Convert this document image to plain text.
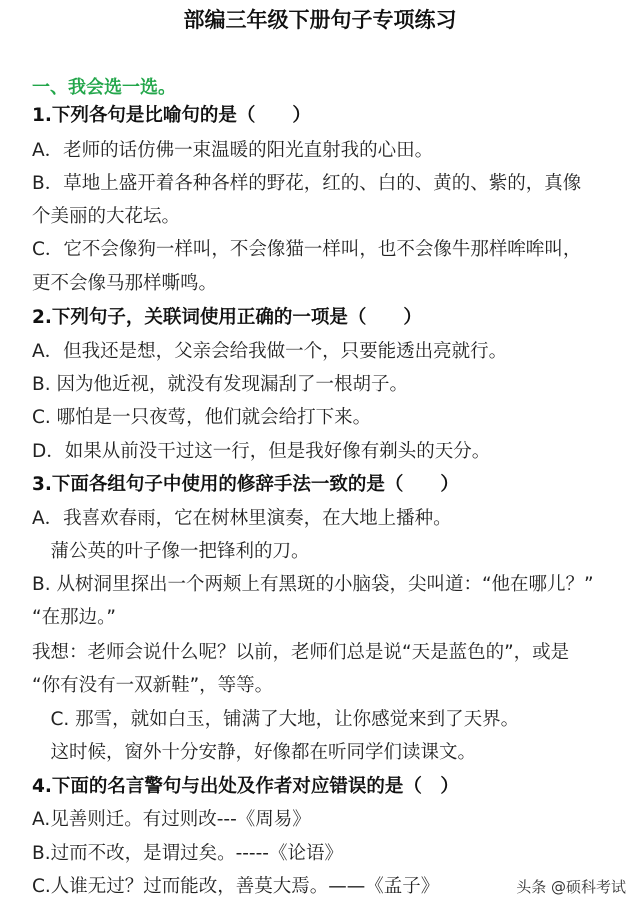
部编三年级下册句子专项练习
一、我会选一选。
1.下列各句是比喻句的是（　　）
A．老师的话仿佛一束温暖的阳光直射我的心田。
B．草地上盛开着各种各样的野花，红的、白的、黄的、紫的，真像
个美丽的大花坛。
C．它不会像狗一样叫，不会像猫一样叫，也不会像牛那样哞哞叫，
更不会像马那样嘶鸣。
2.下列句子，关联词使用正确的一项是（　　）
A．但我还是想，父亲会给我做一个，只要能透出亮就行。
B. 因为他近视，就没有发现漏刮了一根胡子。
C. 哪怕是一只夜莺，他们就会给打下来。
D．如果从前没干过这一行，但是我好像有剃头的天分。
3.下面各组句子中使用的修辞手法一致的是（　　）
A．我喜欢春雨，它在树林里演奏，在大地上播种。
　蒲公英的叶子像一把锋利的刀。
B. 从树洞里探出一个两颊上有黑斑的小脑袋，尖叫道：“他在哪儿？”
“在那边。”
我想：老师会说什么呢？以前，老师们总是说“天是蓝色的”，或是
“你有没有一双新鞋”，等等。
　C. 那雪，就如白玉，铺满了大地，让你感觉来到了天界。
　这时候，窗外十分安静，好像都在听同学们读课文。
4.下面的名言警句与出处及作者对应错误的是（　）
A.见善则迁。有过则改---《周易》
B.过而不改，是谓过矣。-----《论语》
C.人谁无过？过而能改，善莫大焉。——《孟子》	头条 @硕科考试
